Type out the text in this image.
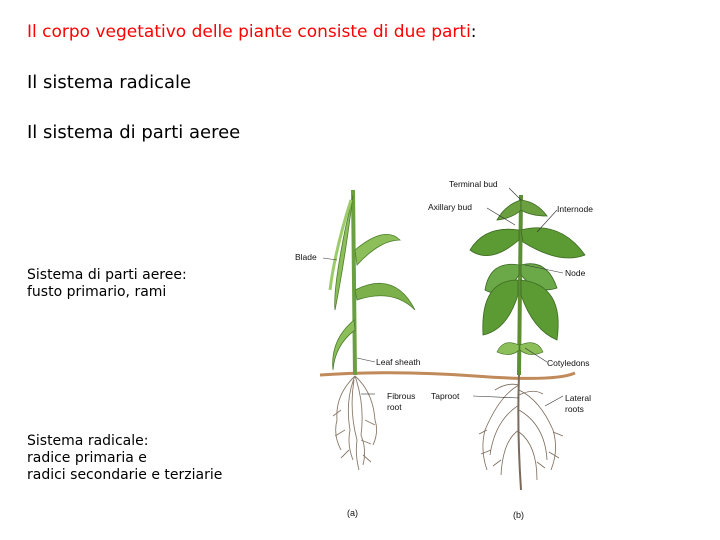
Il corpo vegetativo delle piante consiste di due parti:
Il sistema radicale
Il sistema di parti aeree
Sistema di parti aeree:
fusto primario, rami
Sistema radicale:
radice primaria e
radici secondarie e terziarie
Terminal bud
Axillary bud	Internode
Blade
Node
Leaf sheath	Cotyledons
Fibrous
root
Taproot	Lateral
roots
(a)	(b)
